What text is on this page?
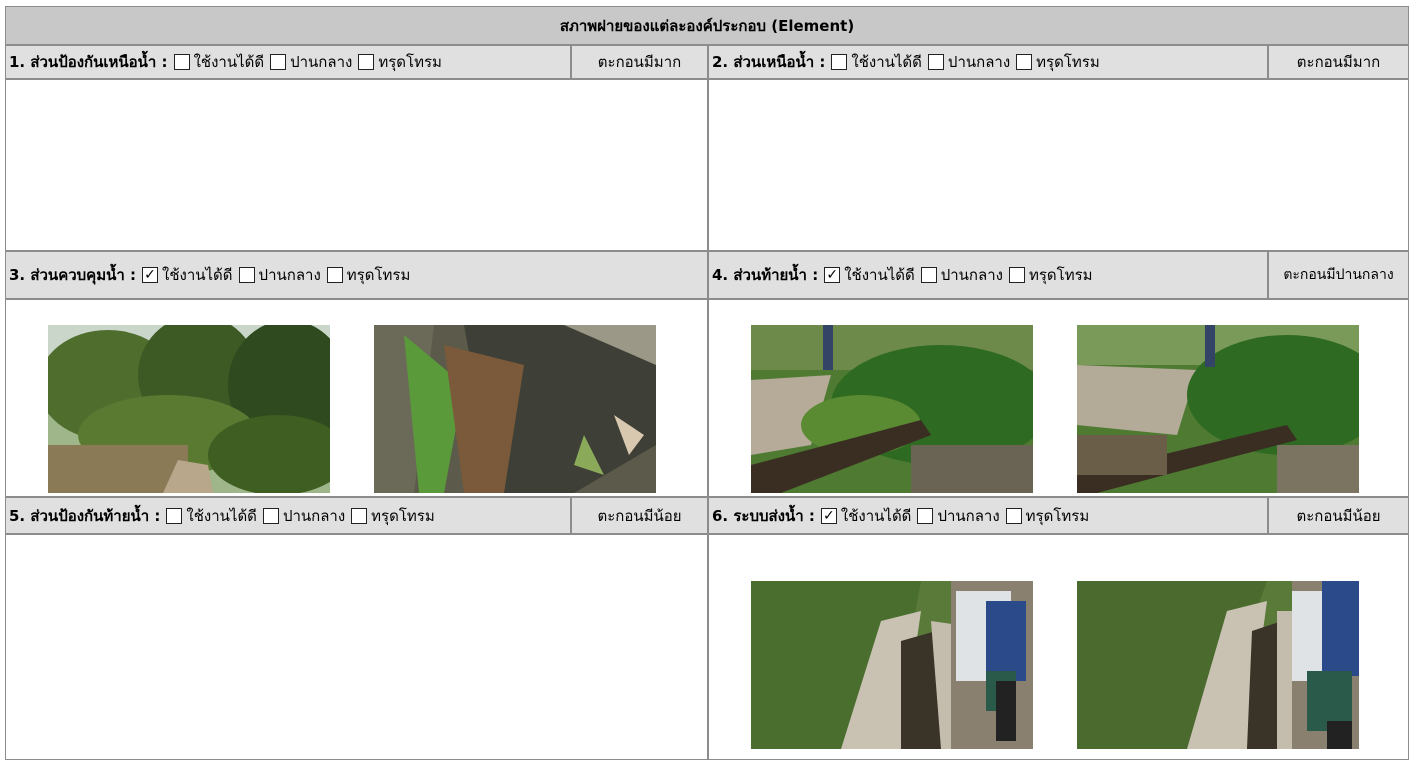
สภาพฝายของแต่ละองค์ประกอบ (Element)
1. ส่วนป้องกันเหนือน้ำ : ใช้งานได้ดี ปานกลาง ทรุดโทรม	ตะกอนมีมาก	2. ส่วนเหนือน้ำ : ใช้งานได้ดี ปานกลาง ทรุดโทรม	ตะกอนมีมาก
3. ส่วนควบคุมน้ำ : ✓ ใช้งานได้ดี ปานกลาง ทรุดโทรม	4. ส่วนท้ายน้ำ : ✓ ใช้งานได้ดี ปานกลาง ทรุดโทรม	ตะกอนมีปานกลาง
5. ส่วนป้องกันท้ายน้ำ : ใช้งานได้ดี ปานกลาง ทรุดโทรม	ตะกอนมีน้อย	6. ระบบส่งน้ำ : ✓ ใช้งานได้ดี ปานกลาง ทรุดโทรม	ตะกอนมีน้อย
